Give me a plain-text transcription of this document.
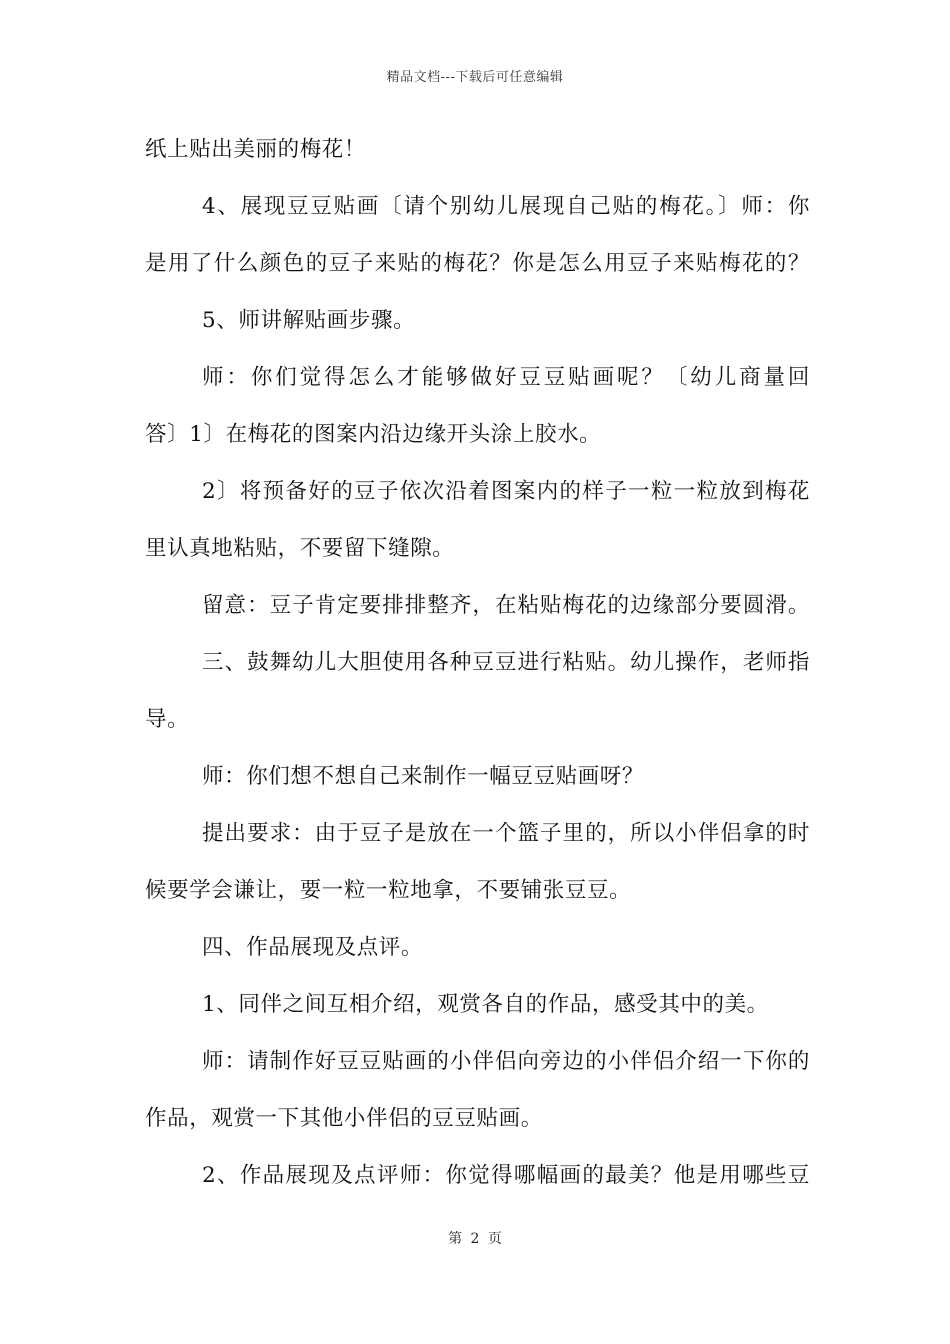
精品文档---下载后可任意编辑
纸上贴出美丽的梅花！
4、展现豆豆贴画〔请个别幼儿展现自己贴的梅花。〕师：你
是用了什么颜色的豆子来贴的梅花？你是怎么用豆子来贴梅花的？
5、师讲解贴画步骤。
师：你们觉得怎么才能够做好豆豆贴画呢？〔幼儿商量回
答〕1〕在梅花的图案内沿边缘开头涂上胶水。
2〕将预备好的豆子依次沿着图案内的样子一粒一粒放到梅花
里认真地粘贴，不要留下缝隙。
留意：豆子肯定要排排整齐，在粘贴梅花的边缘部分要圆滑。
三、鼓舞幼儿大胆使用各种豆豆进行粘贴。幼儿操作，老师指
导。
师：你们想不想自己来制作一幅豆豆贴画呀？
提出要求：由于豆子是放在一个篮子里的，所以小伴侣拿的时
候要学会谦让，要一粒一粒地拿，不要铺张豆豆。
四、作品展现及点评。
1、同伴之间互相介绍，观赏各自的作品，感受其中的美。
师：请制作好豆豆贴画的小伴侣向旁边的小伴侣介绍一下你的
作品，观赏一下其他小伴侣的豆豆贴画。
2、作品展现及点评师：你觉得哪幅画的最美？他是用哪些豆
第 2 页
